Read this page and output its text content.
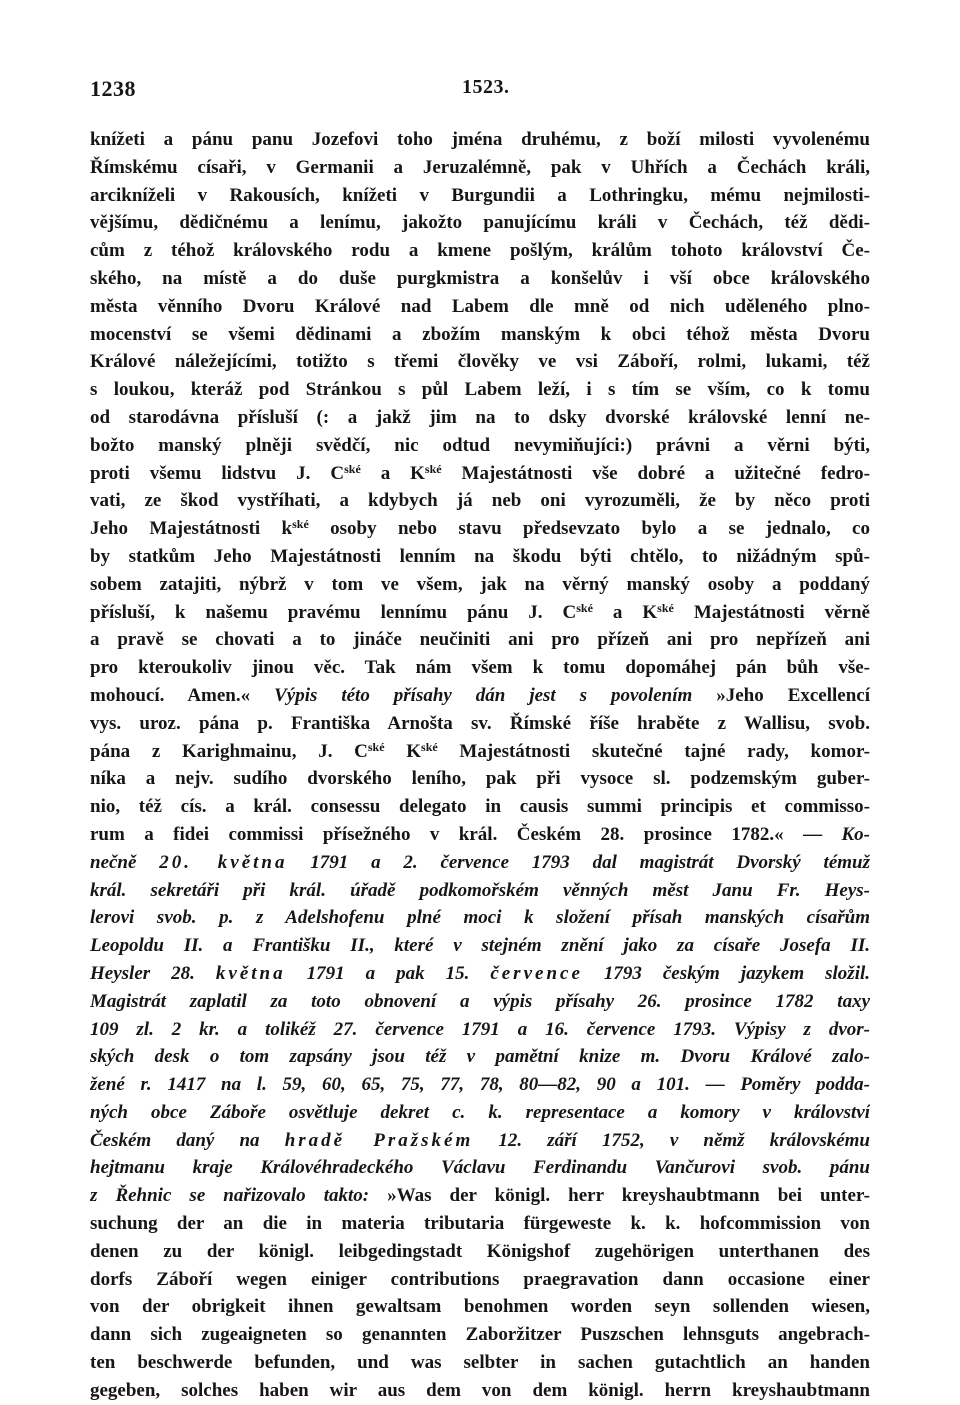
1238	1523.
knížeti a pánu panu Jozefovi toho jména druhému, z boží milosti vyvolenému
Římskému císaři, v Germanii a Jeruzalémně, pak v Uhřích a Čechách králi,
arcikníželi v Rakousích, knížeti v Burgundii a Lothringku, mému nejmilosti-
vějšímu, dědičnému a lenímu, jakožto panujícímu králi v Čechách, též dědi-
cům z téhož královského rodu a kmene pošlým, králům tohoto království Če-
ského, na místě a do duše purgkmistra a konšelův i vší obce královského
města věnního Dvoru Králové nad Labem dle mně od nich uděleného plno-
mocenství se všemi dědinami a zbožím manským k obci téhož města Dvoru
Králové náležejícími, totižto s třemi člověky ve vsi Záboří, rolmi, lukami, též
s loukou, kteráž pod Stránkou s půl Labem leží, i s tím se vším, co k tomu
od starodávna přísluší (: a jakž jim na to dsky dvorské královské lenní ne-
božto manský plněji svědčí, nic odtud nevymiňujíci:) právni a věrni býti,
proti všemu lidstvu J. $C^{ské}$ a $K^{ské}$ Majestátnosti vše dobré a užitečné fedro-
vati, ze škod vystříhati, a kdybych já neb oni vyrozuměli, že by něco proti
Jeho Majestátnosti $k^{ské}$ osoby nebo stavu předsevzato bylo a se jednalo, co
by statkům Jeho Majestátnosti lenním na škodu býti chtělo, to nižádným spů-
sobem zatajiti, nýbrž v tom ve všem, jak na věrný manský osoby a poddaný
přísluší, k našemu pravému lennímu pánu J. $C^{ské}$ a $K^{ské}$ Majestátnosti věrně
a pravě se chovati a to jináče neučiniti ani pro přízeň ani pro nepřízeň ani
pro kteroukoliv jinou věc. Tak nám všem k tomu dopomáhej pán bůh vše-
mohoucí. Amen.« Výpis této přísahy dán jest s povolením »Jeho Excellencí
vys. uroz. pána p. Františka Arnošta sv. Římské říše hraběte z Wallisu, svob.
pána z Karighmainu, J. $C^{ské}$ $K^{ské}$ Majestátnosti skutečné tajné rady, komor-
níka a nejv. sudího dvorského leního, pak při vysoce sl. podzemským guber-
nio, též cís. a král. consessu delegato in causis summi principis et commisso-
rum a fidei commissi přísežného v král. Českém 28. prosince 1782.« — Ko-
nečně 20. května 1791 a 2. července 1793 dal magistrát Dvorský témuž
král. sekretáři při král. úřadě podkomořském věnných měst Janu Fr. Heys-
lerovi svob. p. z Adelshofenu plné moci k složení přísah manských císařům
Leopoldu II. a Františku II., které v stejném znění jako za císaře Josefa II.
Heysler 28. května 1791 a pak 15. července 1793 českým jazykem složil.
Magistrát zaplatil za toto obnovení a výpis přísahy 26. prosince 1782 taxy
109 zl. 2 kr. a tolikéž 27. července 1791 a 16. července 1793. Výpisy z dvor-
ských desk o tom zapsány jsou též v pamětní knize m. Dvoru Králové zalo-
žené r. 1417 na l. 59, 60, 65, 75, 77, 78, 80—82, 90 a 101. — Poměry podda-
ných obce Záboře osvětluje dekret c. k. representace a komory v království
Českém daný na hradě Pražském 12. září 1752, v němž královskému
hejtmanu kraje Královéhradeckého Václavu Ferdinandu Vančurovi svob. pánu
z Řehnic se nařizovalo takto: »Was der königl. herr kreyshaubtmann bei unter-
suchung der an die in materia tributaria fürgeweste k. k. hofcommission von
denen zu der königl. leibgedingstadt Königshof zugehörigen unterthanen des
dorfs Záboří wegen einiger contributions praegravation dann occasione einer
von der obrigkeit ihnen gewaltsam benohmen worden seyn sollenden wiesen,
dann sich zugeaigneten so genannten Zaboržitzer Puszschen lehnsguts angebrach-
ten beschwerde befunden, und was selbter in sachen gutachtlich an handen
gegeben, solches haben wir aus dem von dem königl. herrn kreyshaubtmann
